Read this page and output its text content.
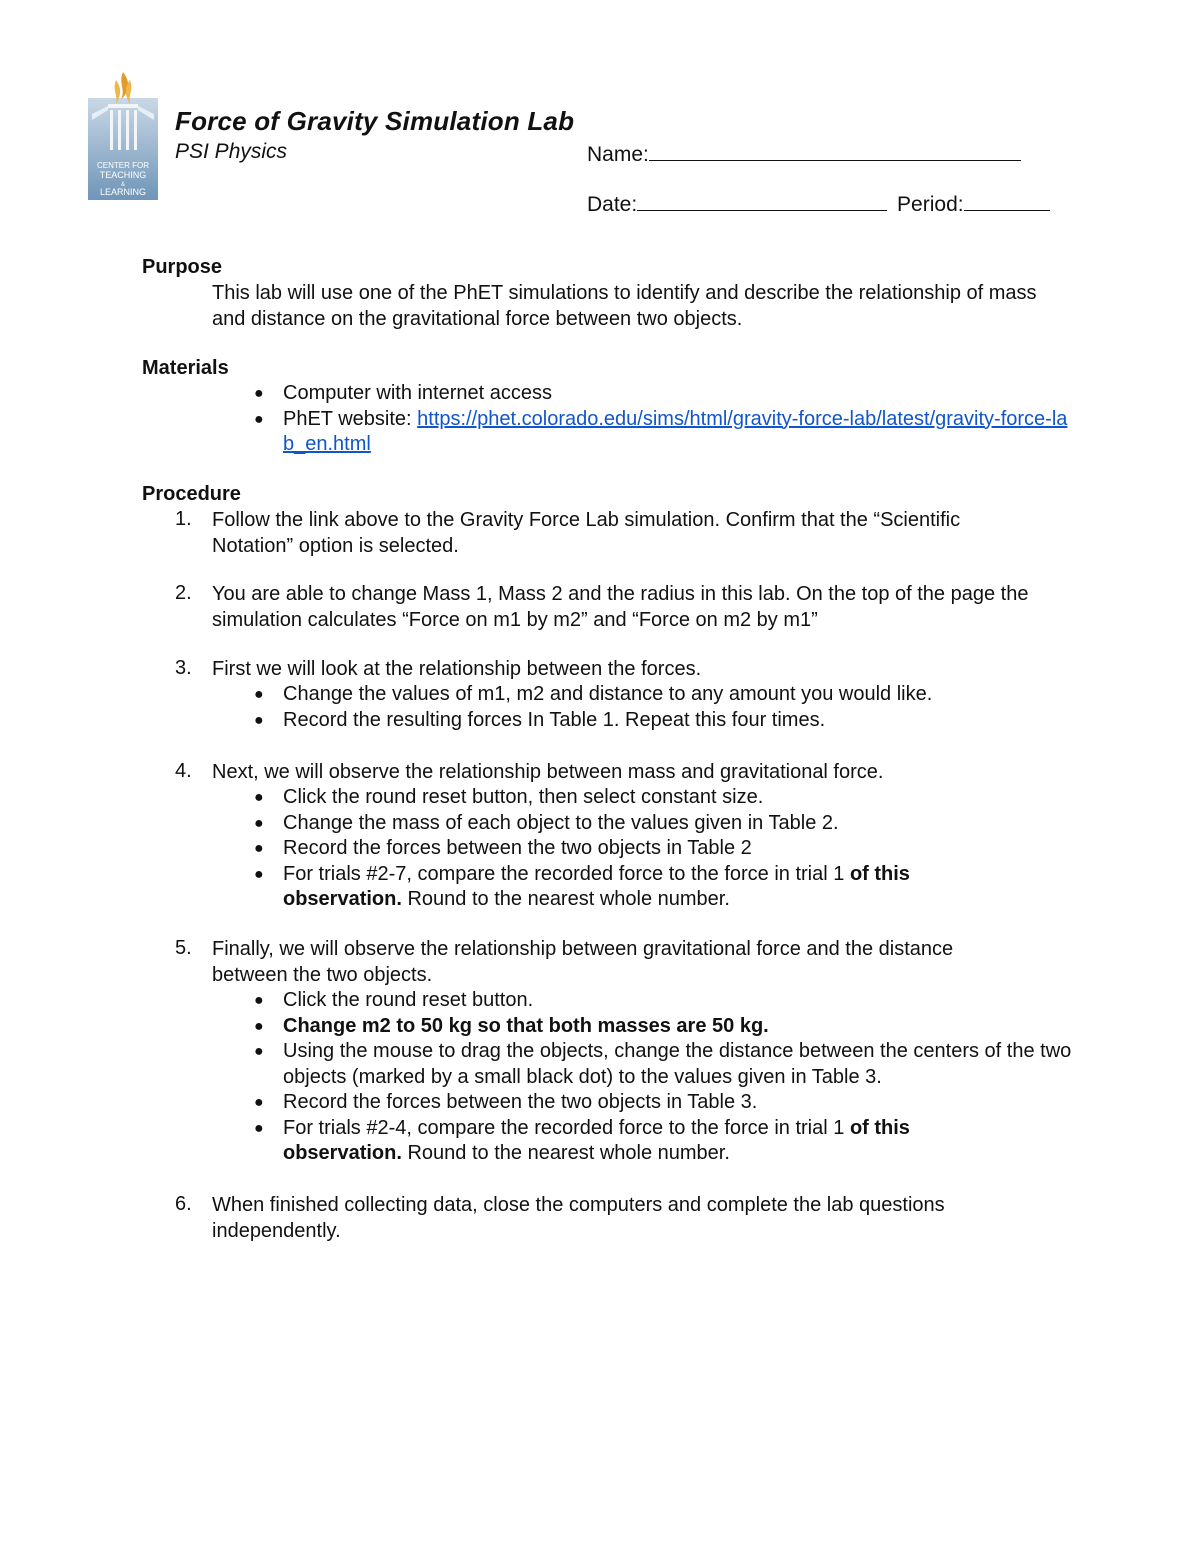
CENTER FOR
TEACHING
&
LEARNING
Force of Gravity Simulation Lab
PSI Physics	Name:
Date:	Period:
Purpose
This lab will use one of the PhET simulations to identify and describe the relationship of mass and distance on the gravitational force between two objects.
Materials
● Computer with internet access
● PhET website: https://phet.colorado.edu/sims/html/gravity-force-lab/latest/gravity-force-lab_en.html
Procedure
1. Follow the link above to the Gravity Force Lab simulation. Confirm that the “Scientific Notation” option is selected.
2. You are able to change Mass 1, Mass 2 and the radius in this lab. On the top of the page the simulation calculates “Force on m1 by m2” and “Force on m2 by m1”
3. First we will look at the relationship between the forces.
● Change the values of m1, m2 and distance to any amount you would like.
● Record the resulting forces In Table 1. Repeat this four times.
4. Next, we will observe the relationship between mass and gravitational force.
● Click the round reset button, then select constant size.
● Change the mass of each object to the values given in Table 2.
● Record the forces between the two objects in Table 2
● For trials #2-7, compare the recorded force to the force in trial 1 of this observation. Round to the nearest whole number.
5. Finally, we will observe the relationship between gravitational force and the distance between the two objects.
● Click the round reset button.
● Change m2 to 50 kg so that both masses are 50 kg.
● Using the mouse to drag the objects, change the distance between the centers of the two objects (marked by a small black dot) to the values given in Table 3.
● Record the forces between the two objects in Table 3.
● For trials #2-4, compare the recorded force to the force in trial 1 of this observation. Round to the nearest whole number.
6. When finished collecting data, close the computers and complete the lab questions independently.
